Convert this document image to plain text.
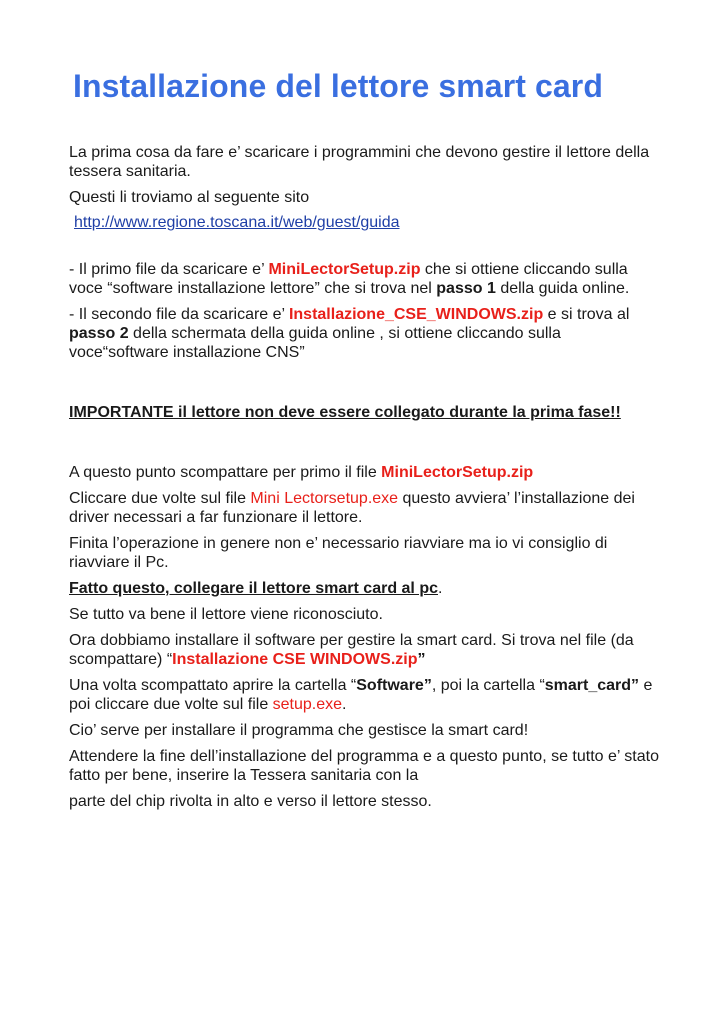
Installazione del lettore smart card

La prima cosa da fare e’ scaricare i programmini che devono gestire il lettore della tessera sanitaria.

Questi li troviamo al seguente sito

http://www.regione.toscana.it/web/guest/guida

- Il primo file da scaricare e’ MiniLectorSetup.zip che si ottiene cliccando sulla voce “software installazione lettore” che si trova nel passo 1 della guida online.

- Il secondo file da scaricare e’ Installazione_CSE_WINDOWS.zip e si trova al passo 2 della schermata della guida online , si ottiene cliccando sulla voce“software installazione CNS”

IMPORTANTE il lettore non deve essere collegato durante la prima fase!!

A questo punto scompattare per primo il file MiniLectorSetup.zip

Cliccare due volte sul file Mini Lectorsetup.exe questo avviera’ l’installazione dei driver necessari a far funzionare il lettore.

Finita l’operazione in genere non e’ necessario riavviare ma io vi consiglio di riavviare il Pc.

Fatto questo, collegare il lettore smart card al pc.

Se tutto va bene il lettore viene riconosciuto.

Ora dobbiamo installare il software per gestire la smart card. Si trova nel file (da scompattare) “Installazione CSE WINDOWS.zip”

Una volta scompattato aprire la cartella “Software”, poi la cartella “smart_card” e poi cliccare due volte sul file setup.exe.

Cio’ serve per installare il programma che gestisce la smart card!

Attendere la fine dell’installazione del programma e a questo punto, se tutto e’ stato fatto per bene, inserire la Tessera sanitaria con la

parte del chip rivolta in alto e verso il lettore stesso.
